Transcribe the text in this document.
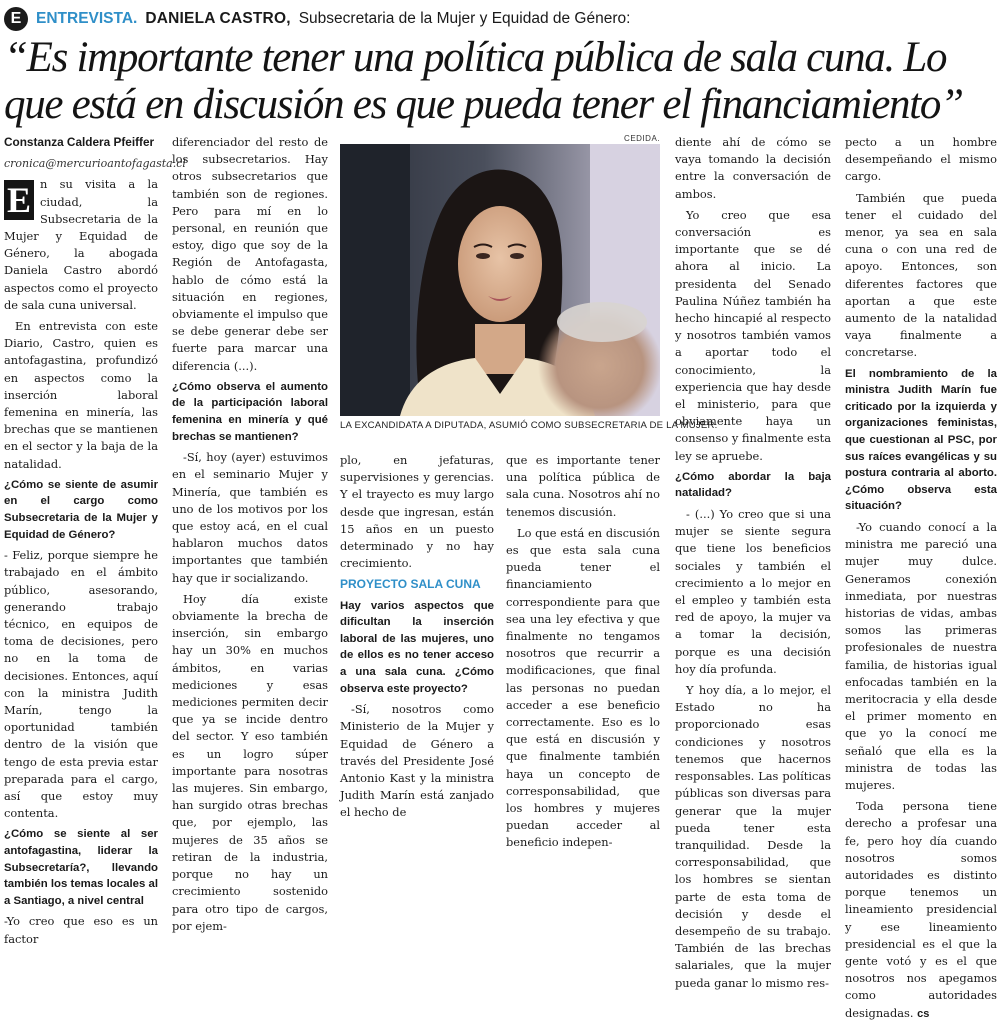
E ENTREVISTA. DANIELA CASTRO, Subsecretaria de la Mujer y Equidad de Género:
“Es importante tener una política pública de sala cuna. Lo que está en discusión es que pueda tener el financiamiento”

Constanza Caldera Pfeiffer

cronica@mercurioantofagasta.cl

E n su visita a la ciudad, la Subsecretaria de la Mujer y Equidad de Género, la abogada Daniela Castro abordó aspectos como el proyecto de sala cuna universal.

En entrevista con este Diario, Castro, quien es antofagastina, profundizó en aspectos como la inserción laboral femenina en minería, las brechas que se mantienen en el sector y la baja de la natalidad.

¿Cómo se siente de asumir en el cargo como Subsecretaria de la Mujer y Equidad de Género?

- Feliz, porque siempre he trabajado en el ámbito público, asesorando, generando trabajo técnico, en equipos de toma de decisiones, pero no en la toma de decisiones. Entonces, aquí con la ministra Judith Marín, tengo la oportunidad también dentro de la visión que tengo de esta previa estar preparada para el cargo, así que estoy muy contenta.

¿Cómo se siente al ser antofagastina, liderar la Subsecretaría?, llevando también los temas locales al a Santiago, a nivel central

-Yo creo que eso es un factor

diferenciador del resto de los subsecretarios. Hay otros subsecretarios que también son de regiones. Pero para mí en lo personal, en reunión que estoy, digo que soy de la Región de Antofagasta, hablo de cómo está la situación en regiones, obviamente el impulso que se debe generar debe ser fuerte para marcar una diferencia (...).

¿Cómo observa el aumento de la participación laboral femenina en minería y qué brechas se mantienen?

-Sí, hoy (ayer) estuvimos en el seminario Mujer y Minería, que también es uno de los motivos por los que estoy acá, en el cual hablaron muchos datos importantes que también hay que ir socializando.

Hoy día existe obviamente la brecha de inserción, sin embargo hay un 30% en muchos ámbitos, en varias mediciones y esas mediciones permiten decir que ya se incide dentro del sector. Y eso también es un logro súper importante para nosotras las mujeres. Sin embargo, han surgido otras brechas que, por ejemplo, las mujeres de 35 años se retiran de la industria, porque no hay un crecimiento sostenido para otro tipo de cargos, por ejem-

CEDIDA.
LA EXCANDIDATA A DIPUTADA, ASUMIÓ COMO SUBSECRETARIA DE LA MUJER.

plo, en jefaturas, supervisiones y gerencias. Y el trayecto es muy largo desde que ingresan, están 15 años en un puesto determinado y no hay crecimiento.

PROYECTO SALA CUNA

Hay varios aspectos que dificultan la inserción laboral de las mujeres, uno de ellos es no tener acceso a una sala cuna. ¿Cómo observa este proyecto?

-Sí, nosotros como Ministerio de la Mujer y Equidad de Género a través del Presidente José Antonio Kast y la ministra Judith Marín está zanjado el hecho de

que es importante tener una política pública de sala cuna. Nosotros ahí no tenemos discusión.

Lo que está en discusión es que esta sala cuna pueda tener el financiamiento correspondiente para que sea una ley efectiva y que finalmente no tengamos nosotros que recurrir a modificaciones, que final las personas no puedan acceder a ese beneficio correctamente. Eso es lo que está en discusión y que finalmente también haya un concepto de corresponsabilidad, que los hombres y mujeres puedan acceder al beneficio indepen-

diente ahí de cómo se vaya tomando la decisión entre la conversación de ambos.

Yo creo que esa conversación es importante que se dé ahora al inicio. La presidenta del Senado Paulina Núñez también ha hecho hincapié al respecto y nosotros también vamos a aportar todo el conocimiento, la experiencia que hay desde el ministerio, para que obviamente haya un consenso y finalmente esta ley se apruebe.

¿Cómo abordar la baja natalidad?

- (...) Yo creo que si una mujer se siente segura que tiene los beneficios sociales y también el crecimiento a lo mejor en el empleo y también esta red de apoyo, la mujer va a tomar la decisión, porque es una decisión hoy día profunda.

Y hoy día, a lo mejor, el Estado no ha proporcionado esas condiciones y nosotros tenemos que hacernos responsables. Las políticas públicas son diversas para generar que la mujer pueda tener esta tranquilidad. Desde la corresponsabilidad, que los hombres se sientan parte de esta toma de decisión y desde el desempeño de su trabajo. También de las brechas salariales, que la mujer pueda ganar lo mismo res-

pecto a un hombre desempeñando el mismo cargo.

También que pueda tener el cuidado del menor, ya sea en sala cuna o con una red de apoyo. Entonces, son diferentes factores que aportan a que este aumento de la natalidad vaya finalmente a concretarse.

El nombramiento de la ministra Judith Marín fue criticado por la izquierda y organizaciones feministas, que cuestionan al PSC, por sus raíces evangélicas y su postura contraria al aborto. ¿Cómo observa esta situación?

-Yo cuando conocí a la ministra me pareció una mujer muy dulce. Generamos conexión inmediata, por nuestras historias de vidas, ambas somos las primeras profesionales de nuestra familia, de historias igual enfocadas también en la meritocracia y ella desde el primer momento en que yo la conocí me señaló que ella es la ministra de todas las mujeres.

Toda persona tiene derecho a profesar una fe, pero hoy día cuando nosotros somos autoridades es distinto porque tenemos un lineamiento presidencial y ese lineamiento presidencial es el que la gente votó y es el que nosotros nos apegamos como autoridades designadas. cs
